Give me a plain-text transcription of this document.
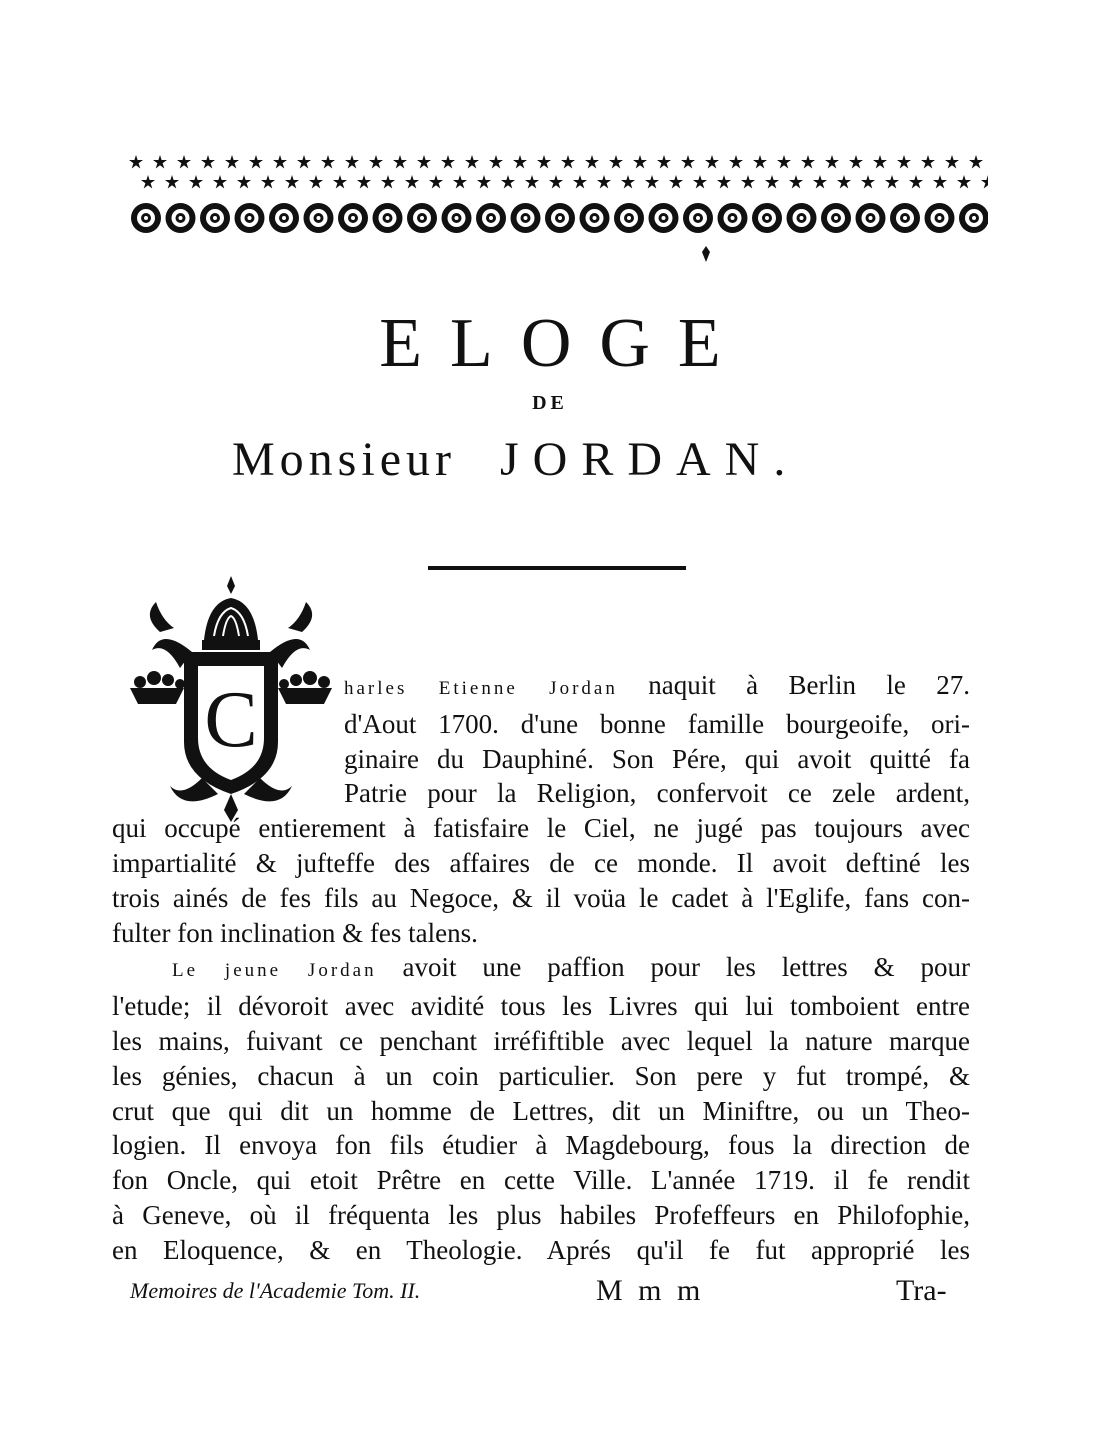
ELOGE
DE
Monsieur JORDAN.
C	harles Etienne Jordan naquit à Berlin le 27.
d'Aout 1700. d'une bonne famille bourgeoife, ori-
ginaire du Dauphiné. Son Pére, qui avoit quitté fa
Patrie pour la Religion, confervoit ce zele ardent,
qui occupé entierement à fatisfaire le Ciel, ne jugé pas toujours avec
impartialité & jufteffe des affaires de ce monde. Il avoit deftiné les
trois ainés de fes fils au Negoce, & il voüa le cadet à l'Eglife, fans con-
fulter fon inclination & fes talens.
Le jeune Jordan avoit une paffion pour les lettres & pour
l'etude; il dévoroit avec avidité tous les Livres qui lui tomboient entre
les mains, fuivant ce penchant irréfiftible avec lequel la nature marque
les génies, chacun à un coin particulier. Son pere y fut trompé, &
crut que qui dit un homme de Lettres, dit un Miniftre, ou un Theo-
logien. Il envoya fon fils étudier à Magdebourg, fous la direction de
fon Oncle, qui etoit Prêtre en cette Ville. L'année 1719. il fe rendit
à Geneve, où il fréquenta les plus habiles Profeffeurs en Philofophie,
en Eloquence, & en Theologie. Aprés qu'il fe fut approprié les
Memoires de l'Academie Tom. II.	M m m	Tra-
